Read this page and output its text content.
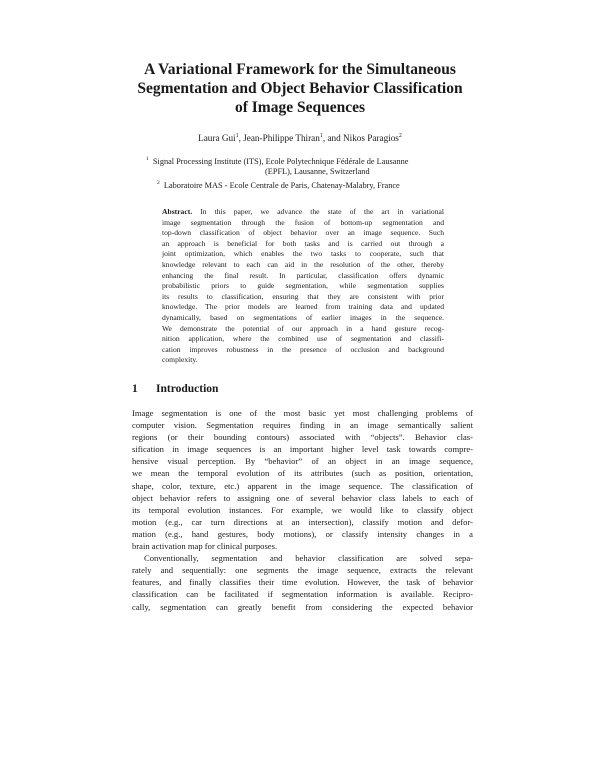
A Variational Framework for the Simultaneous
Segmentation and Object Behavior Classification
of Image Sequences
Laura Gui$^1$, Jean-Philippe Thiran$^1$, and Nikos Paragios$^2$
$^1$ Signal Processing Institute (ITS), Ecole Polytechnique Fédérale de Lausanne
(EPFL), Lausanne, Switzerland
$^2$ Laboratoire MAS - Ecole Centrale de Paris, Chatenay-Malabry, France
Abstract. In this paper, we advance the state of the art in variational
image segmentation through the fusion of bottom-up segmentation and
top-down classification of object behavior over an image sequence. Such
an approach is beneficial for both tasks and is carried out through a
joint optimization, which enables the two tasks to cooperate, such that
knowledge relevant to each can aid in the resolution of the other, thereby
enhancing the final result. In particular, classification offers dynamic
probabilistic priors to guide segmentation, while segmentation supplies
its results to classification, ensuring that they are consistent with prior
knowledge. The prior models are learned from training data and updated
dynamically, based on segmentations of earlier images in the sequence.
We demonstrate the potential of our approach in a hand gesture recog-
nition application, where the combined use of segmentation and classifi-
cation improves robustness in the presence of occlusion and background
complexity.
1 Introduction
Image segmentation is one of the most basic yet most challenging problems of
computer vision. Segmentation requires finding in an image semantically salient
regions (or their bounding contours) associated with “objects”. Behavior clas-
sification in image sequences is an important higher level task towards compre-
hensive visual perception. By “behavior” of an object in an image sequence,
we mean the temporal evolution of its attributes (such as position, orientation,
shape, color, texture, etc.) apparent in the image sequence. The classification of
object behavior refers to assigning one of several behavior class labels to each of
its temporal evolution instances. For example, we would like to classify object
motion (e.g., car turn directions at an intersection), classify motion and defor-
mation (e.g., hand gestures, body motions), or classify intensity changes in a
brain activation map for clinical purposes.
Conventionally, segmentation and behavior classification are solved sepa-
rately and sequentially: one segments the image sequence, extracts the relevant
features, and finally classifies their time evolution. However, the task of behavior
classification can be facilitated if segmentation information is available. Recipro-
cally, segmentation can greatly benefit from considering the expected behavior
